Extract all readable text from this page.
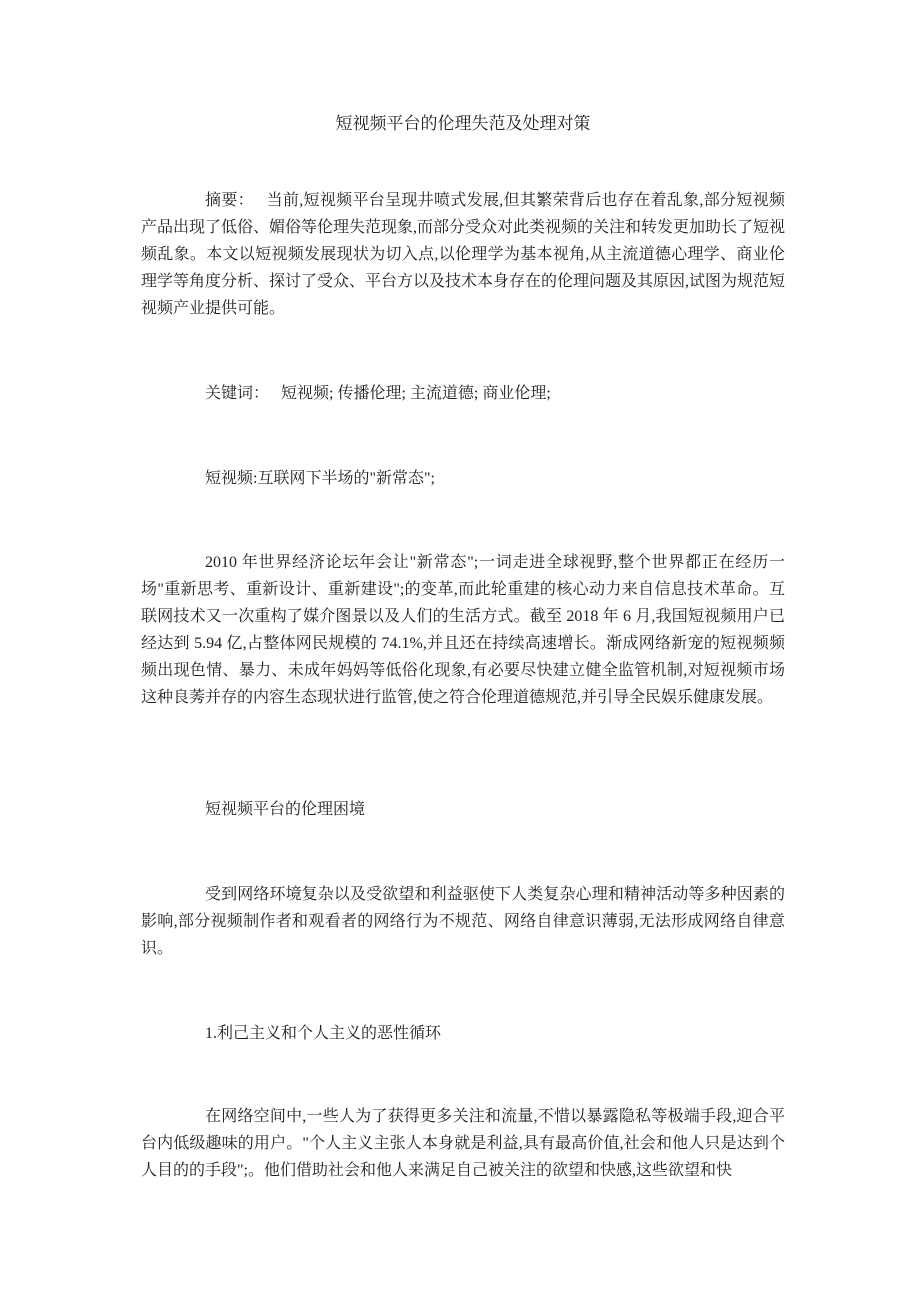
短视频平台的伦理失范及处理对策

摘要：　 当前,短视频平台呈现井喷式发展,但其繁荣背后也存在着乱象,部分短视频产品出现了低俗、媚俗等伦理失范现象,而部分受众对此类视频的关注和转发更加助长了短视频乱象。本文以短视频发展现状为切入点,以伦理学为基本视角,从主流道德心理学、商业伦理学等角度分析、探讨了受众、平台方以及技术本身存在的伦理问题及其原因,试图为规范短视频产业提供可能。

关键词：　 短视频; 传播伦理; 主流道德; 商业伦理;

短视频:互联网下半场的"新常态";

2010 年世界经济论坛年会让"新常态";一词走进全球视野,整个世界都正在经历一场"重新思考、重新设计、重新建设";的变革,而此轮重建的核心动力来自信息技术革命。互联网技术又一次重构了媒介图景以及人们的生活方式。截至 2018 年 6 月,我国短视频用户已经达到 5.94 亿,占整体网民规模的 74.1%,并且还在持续高速增长。渐成网络新宠的短视频频频出现色情、暴力、未成年妈妈等低俗化现象,有必要尽快建立健全监管机制,对短视频市场这种良莠并存的内容生态现状进行监管,使之符合伦理道德规范,并引导全民娱乐健康发展。

短视频平台的伦理困境

受到网络环境复杂以及受欲望和利益驱使下人类复杂心理和精神活动等多种因素的影响,部分视频制作者和观看者的网络行为不规范、网络自律意识薄弱,无法形成网络自律意识。

1.利己主义和个人主义的恶性循环

在网络空间中,一些人为了获得更多关注和流量,不惜以暴露隐私等极端手段,迎合平台内低级趣味的用户。"个人主义主张人本身就是利益,具有最高价值,社会和他人只是达到个人目的的手段";。他们借助社会和他人来满足自己被关注的欲望和快感,这些欲望和快
